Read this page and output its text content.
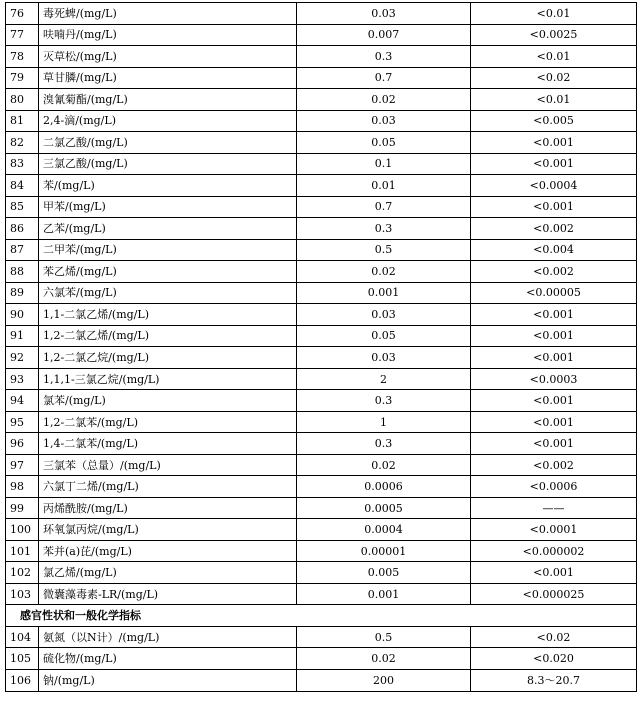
76	毒死蜱/(mg/L)	0.03	<0.01
77	呋喃丹/(mg/L)	0.007	<0.0025
78	灭草松/(mg/L)	0.3	<0.01
79	草甘膦/(mg/L)	0.7	<0.02
80	溴氰菊酯/(mg/L)	0.02	<0.01
81	2,4-滴/(mg/L)	0.03	<0.005
82	二氯乙酸/(mg/L)	0.05	<0.001
83	三氯乙酸/(mg/L)	0.1	<0.001
84	苯/(mg/L)	0.01	<0.0004
85	甲苯/(mg/L)	0.7	<0.001
86	乙苯/(mg/L)	0.3	<0.002
87	二甲苯/(mg/L)	0.5	<0.004
88	苯乙烯/(mg/L)	0.02	<0.002
89	六氯苯/(mg/L)	0.001	<0.00005
90	1,1-二氯乙烯/(mg/L)	0.03	<0.001
91	1,2-二氯乙烯/(mg/L)	0.05	<0.001
92	1,2-二氯乙烷/(mg/L)	0.03	<0.001
93	1,1,1-三氯乙烷/(mg/L)	2	<0.0003
94	氯苯/(mg/L)	0.3	<0.001
95	1,2-二氯苯/(mg/L)	1	<0.001
96	1,4-二氯苯/(mg/L)	0.3	<0.001
97	三氯苯（总量）/(mg/L)	0.02	<0.002
98	六氯丁二烯/(mg/L)	0.0006	<0.0006
99	丙烯酰胺/(mg/L)	0.0005	——
100	环氧氯丙烷/(mg/L)	0.0004	<0.0001
101	苯并(a)芘/(mg/L)	0.00001	<0.000002
102	氯乙烯/(mg/L)	0.005	<0.001
103	微囊藻毒素-LR/(mg/L)	0.001	<0.000025
感官性状和一般化学指标			
104	氨氮（以N计）/(mg/L)	0.5	<0.02
105	硫化物/(mg/L)	0.02	<0.020
106	钠/(mg/L)	200	8.3～20.7
